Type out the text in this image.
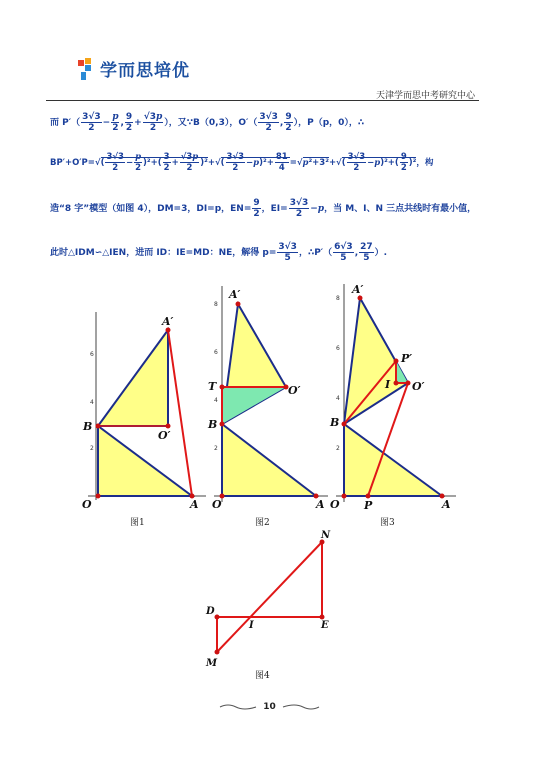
学而思培优
天津学而思中考研究中心
而 $P'( \frac{3√3}{2} - \frac{p}{2}$ , $\frac{9}{2} + \frac{√3p}{2}$ ），又∵B（0,3），$O'( \frac{3√3}{2}$ , $\frac{9}{2}$ ），P（p，0），∴
$BP'+O'P=√( \frac{3√3}{2} - \frac{p}{2} )^2+( \frac{3}{2} + \frac{√3p}{2} )^2+√( \frac{3√3}{2} -p)^2+ \frac{81}{4} =√p^2+3^2+√( \frac{3√3}{2} -p)^2+( \frac{9}{2} )^2$，构
造“8 字”模型（如图 4），DM=3，DI=p，$EN= \frac{9}{2}$ ，$EI= \frac{3√3}{2} -p$，当 M、I、N 三点共线时有最小值，
此时△IDM∽△IEN，进而 ID：IE=MD：NE，解得 $p= \frac{3√3}{5}$ ，∴P′（ $\frac{6√3}{5}$ , $\frac{27}{5}$ ）.
2
4
6
A′
B
O′
O	A
图1
2
4
6
8
A′
T	O′
B
O	A
图2
2
4
6
8
A′
P′
I O′
B
O P	A
图3
N
D
I	E
M
图4
10
